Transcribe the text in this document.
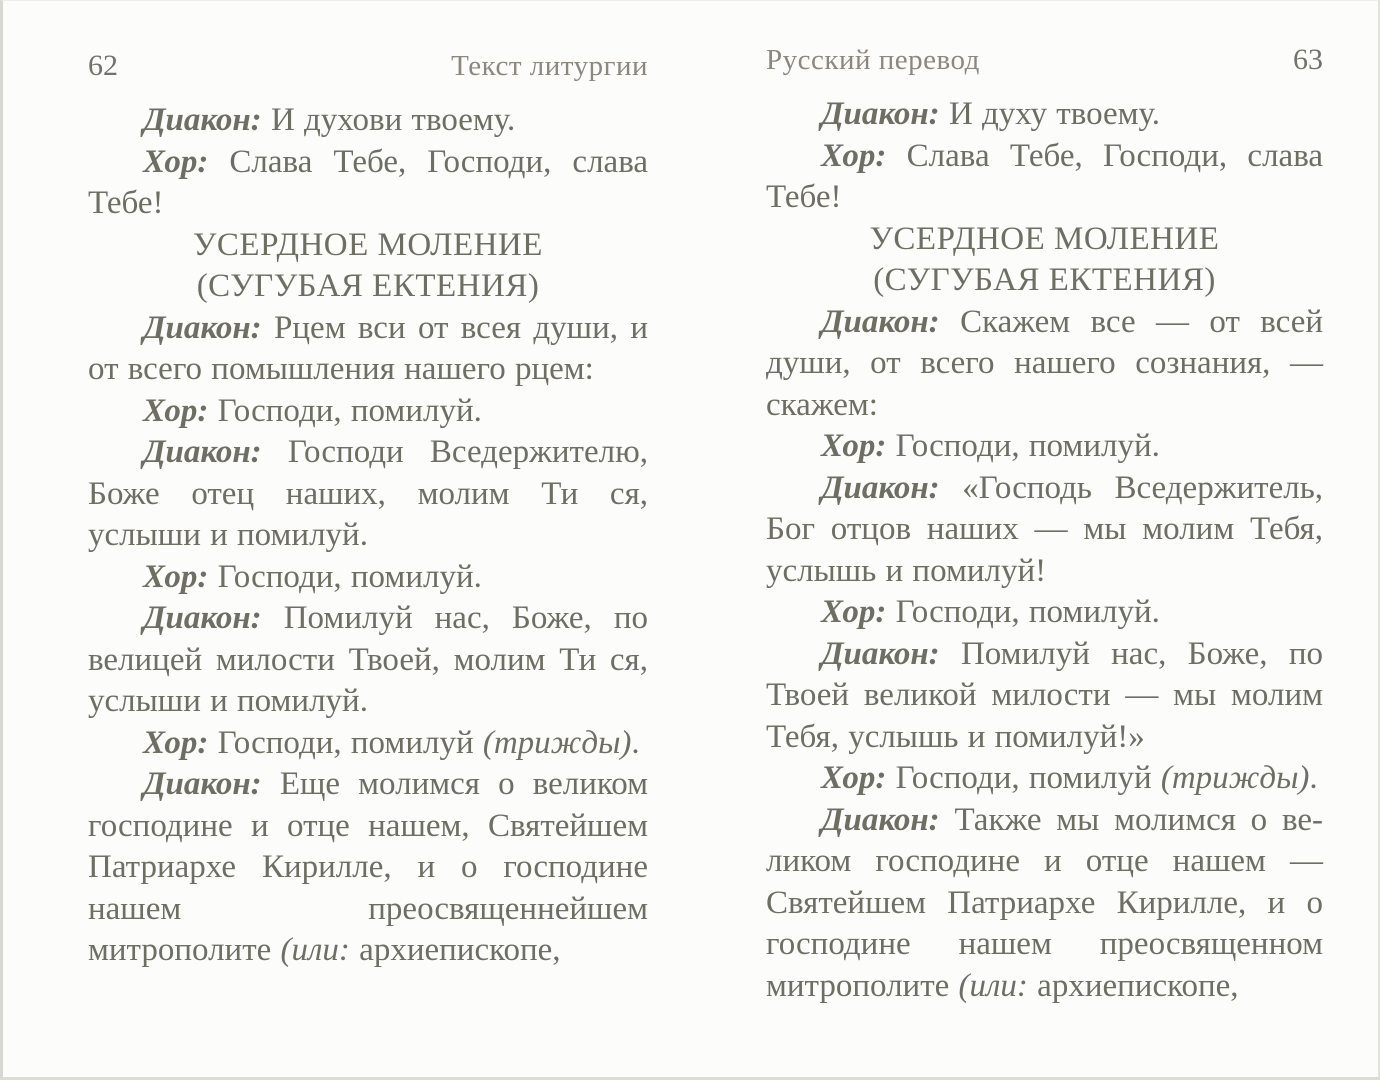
62	Текст литургии

Диакон: И духови твоему.

Хор: Слава Тебе, Господи, слава Тебе!

УСЕРДНОЕ МОЛЕНИЕ
(СУГУБАЯ ЕКТЕНИЯ)

Диакон: Рцем вси от всея души, и от всего помышления нашего рцем:

Хор: Господи, помилуй.

Диакон: Господи Вседержителю, Боже отец наших, молим Ти ся, услыши и помилуй.

Хор: Господи, помилуй.

Диакон: Помилуй нас, Боже, по велицей милости Твоей, молим Ти ся, услыши и помилуй.

Хор: Господи, помилуй (трижды).

Диакон: Еще молимся о великом господине и отце нашем, Святейшем Патриархе Кирилле, и о господине нашем преосвященнейшем митрополите (или: архиепископе,

Русский перевод	63

Диакон: И духу твоему.

Хор: Слава Тебе, Господи, слава Тебе!

УСЕРДНОЕ МОЛЕНИЕ
(СУГУБАЯ ЕКТЕНИЯ)

Диакон: Скажем все — от всей души, от всего нашего сознания, — скажем:

Хор: Господи, помилуй.

Диакон: «Господь Вседержитель, Бог отцов наших — мы молим Тебя, услышь и помилуй!

Хор: Господи, помилуй.

Диакон: Помилуй нас, Боже, по Твоей великой милости — мы молим Тебя, услышь и помилуй!»

Хор: Господи, помилуй (трижды).

Диакон: Также мы молимся о великом господине и отце нашем — Святейшем Патриархе Кирилле, и о господине нашем преосвященном митрополите (или: архиепископе,
